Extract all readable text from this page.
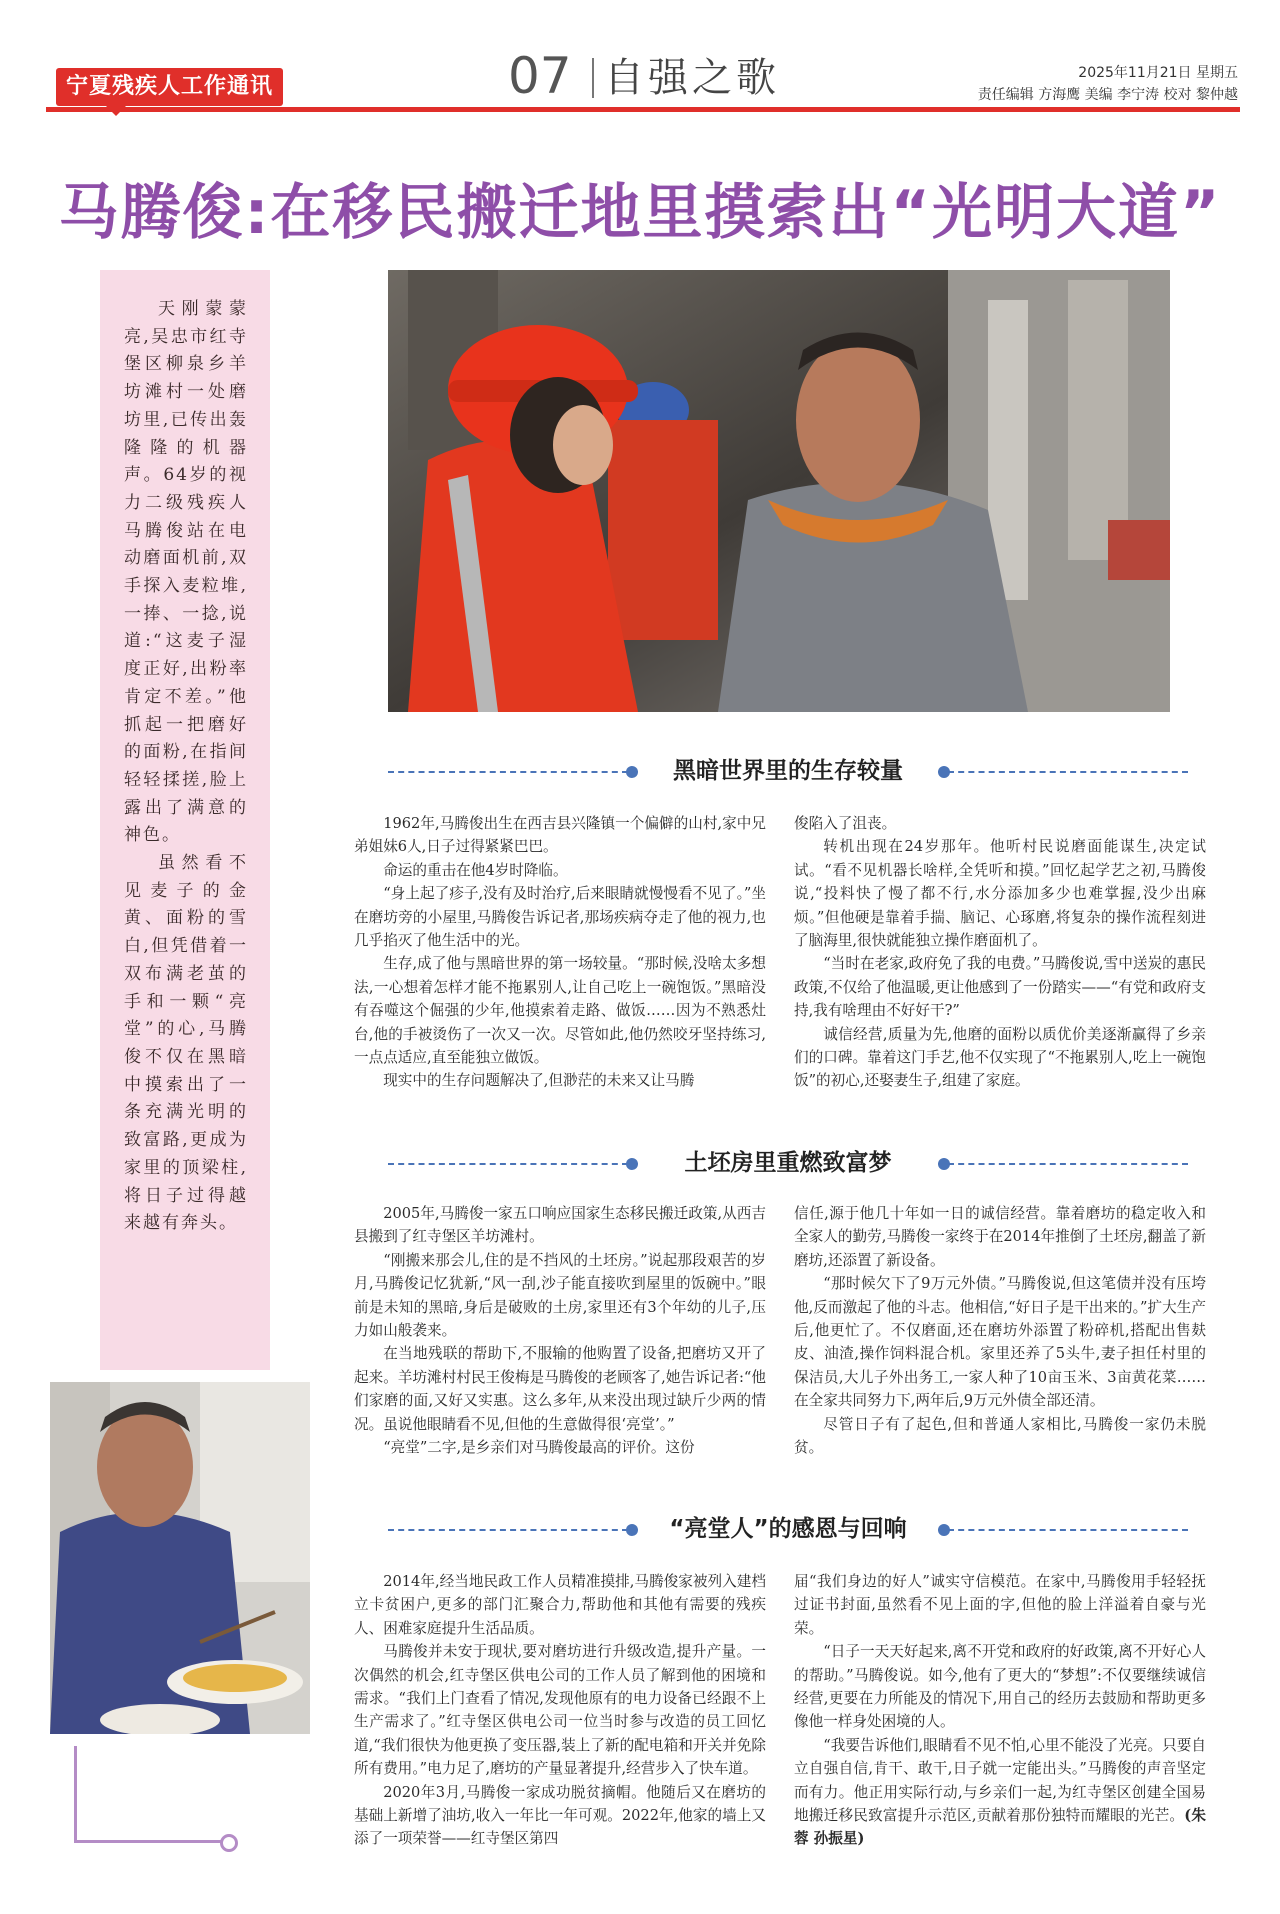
宁夏残疾人工作通讯	07 自强之歌	2025年11月21日 星期五
责任编辑 方海鹰 美编 李宁涛 校对 黎仲越
马腾俊:在移民搬迁地里摸索出“光明大道”

天刚蒙蒙亮,吴忠市红寺堡区柳泉乡羊坊滩村一处磨坊里,已传出轰隆隆的机器声。64岁的视力二级残疾人马腾俊站在电动磨面机前,双手探入麦粒堆,一捧、一捻,说道:“这麦子湿度正好,出粉率肯定不差。”他抓起一把磨好的面粉,在指间轻轻揉搓,脸上露出了满意的神色。

虽然看不见麦子的金黄、面粉的雪白,但凭借着一双布满老茧的手和一颗“亮堂”的心,马腾俊不仅在黑暗中摸索出了一条充满光明的致富路,更成为家里的顶梁柱,将日子过得越来越有奔头。

黑暗世界里的生存较量

1962年,马腾俊出生在西吉县兴隆镇一个偏僻的山村,家中兄弟姐妹6人,日子过得紧紧巴巴。

命运的重击在他4岁时降临。

“身上起了疹子,没有及时治疗,后来眼睛就慢慢看不见了。”坐在磨坊旁的小屋里,马腾俊告诉记者,那场疾病夺走了他的视力,也几乎掐灭了他生活中的光。

生存,成了他与黑暗世界的第一场较量。“那时候,没啥太多想法,一心想着怎样才能不拖累别人,让自己吃上一碗饱饭。”黑暗没有吞噬这个倔强的少年,他摸索着走路、做饭……因为不熟悉灶台,他的手被烫伤了一次又一次。尽管如此,他仍然咬牙坚持练习,一点点适应,直至能独立做饭。

现实中的生存问题解决了,但渺茫的未来又让马腾

俊陷入了沮丧。

转机出现在24岁那年。他听村民说磨面能谋生,决定试试。“看不见机器长啥样,全凭听和摸。”回忆起学艺之初,马腾俊说,“投料快了慢了都不行,水分添加多少也难掌握,没少出麻烦。”但他硬是靠着手揣、脑记、心琢磨,将复杂的操作流程刻进了脑海里,很快就能独立操作磨面机了。

“当时在老家,政府免了我的电费。”马腾俊说,雪中送炭的惠民政策,不仅给了他温暖,更让他感到了一份踏实——“有党和政府支持,我有啥理由不好好干?”

诚信经营,质量为先,他磨的面粉以质优价美逐渐赢得了乡亲们的口碑。靠着这门手艺,他不仅实现了“不拖累别人,吃上一碗饱饭”的初心,还娶妻生子,组建了家庭。

土坯房里重燃致富梦

2005年,马腾俊一家五口响应国家生态移民搬迁政策,从西吉县搬到了红寺堡区羊坊滩村。

“刚搬来那会儿,住的是不挡风的土坯房。”说起那段艰苦的岁月,马腾俊记忆犹新,“风一刮,沙子能直接吹到屋里的饭碗中。”眼前是未知的黑暗,身后是破败的土房,家里还有3个年幼的儿子,压力如山般袭来。

在当地残联的帮助下,不服输的他购置了设备,把磨坊又开了起来。羊坊滩村村民王俊梅是马腾俊的老顾客了,她告诉记者:“他们家磨的面,又好又实惠。这么多年,从来没出现过缺斤少两的情况。虽说他眼睛看不见,但他的生意做得很‘亮堂’。”

“亮堂”二字,是乡亲们对马腾俊最高的评价。这份

信任,源于他几十年如一日的诚信经营。靠着磨坊的稳定收入和全家人的勤劳,马腾俊一家终于在2014年推倒了土坯房,翻盖了新磨坊,还添置了新设备。

“那时候欠下了9万元外债。”马腾俊说,但这笔债并没有压垮他,反而激起了他的斗志。他相信,“好日子是干出来的。”扩大生产后,他更忙了。不仅磨面,还在磨坊外添置了粉碎机,搭配出售麸皮、油渣,操作饲料混合机。家里还养了5头牛,妻子担任村里的保洁员,大儿子外出务工,一家人种了10亩玉米、3亩黄花菜……在全家共同努力下,两年后,9万元外债全部还清。

尽管日子有了起色,但和普通人家相比,马腾俊一家仍未脱贫。

“亮堂人”的感恩与回响

2014年,经当地民政工作人员精准摸排,马腾俊家被列入建档立卡贫困户,更多的部门汇聚合力,帮助他和其他有需要的残疾人、困难家庭提升生活品质。

马腾俊并未安于现状,要对磨坊进行升级改造,提升产量。一次偶然的机会,红寺堡区供电公司的工作人员了解到他的困境和需求。“我们上门查看了情况,发现他原有的电力设备已经跟不上生产需求了。”红寺堡区供电公司一位当时参与改造的员工回忆道,“我们很快为他更换了变压器,装上了新的配电箱和开关并免除所有费用。”电力足了,磨坊的产量显著提升,经营步入了快车道。

2020年3月,马腾俊一家成功脱贫摘帽。他随后又在磨坊的基础上新增了油坊,收入一年比一年可观。2022年,他家的墙上又添了一项荣誉——红寺堡区第四

届“我们身边的好人”诚实守信模范。在家中,马腾俊用手轻轻抚过证书封面,虽然看不见上面的字,但他的脸上洋溢着自豪与光荣。

“日子一天天好起来,离不开党和政府的好政策,离不开好心人的帮助。”马腾俊说。如今,他有了更大的“梦想”:不仅要继续诚信经营,更要在力所能及的情况下,用自己的经历去鼓励和帮助更多像他一样身处困境的人。

“我要告诉他们,眼睛看不见不怕,心里不能没了光亮。只要自立自强自信,肯干、敢干,日子就一定能出头。”马腾俊的声音坚定而有力。他正用实际行动,与乡亲们一起,为红寺堡区创建全国易地搬迁移民致富提升示范区,贡献着那份独特而耀眼的光芒。(朱蓉 孙振星)
